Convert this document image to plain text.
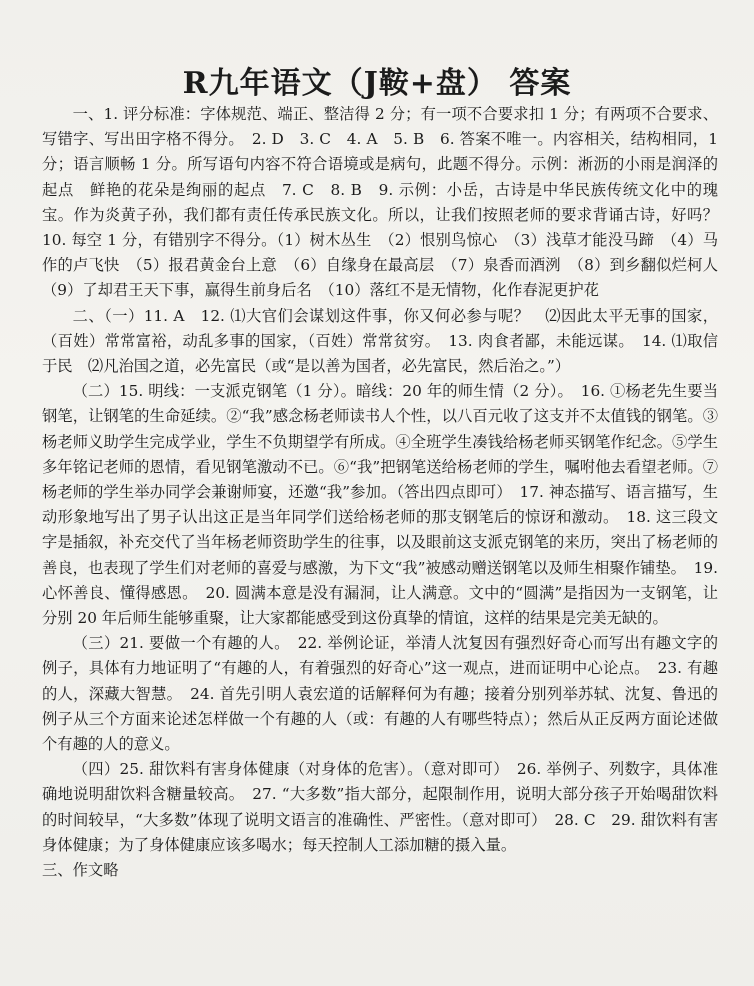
R九年语文（J鞍+盘） 答案

一、1. 评分标准：字体规范、端正、整洁得 2 分；有一项不合要求扣 1 分；有两项不合要求、写错字、写出田字格不得分。　2. D　3. C　4. A　5. B　6. 答案不唯一。内容相关，结构相同，1 分；语言顺畅 1 分。所写语句内容不符合语境或是病句，此题不得分。示例：淅沥的小雨是润泽的起点　鲜艳的花朵是绚丽的起点　7. C　8. B　9. 示例：小岳，古诗是中华民族传统文化中的瑰宝。作为炎黄子孙，我们都有责任传承民族文化。所以，让我们按照老师的要求背诵古诗，好吗？　10. 每空 1 分，有错别字不得分。（1）树木丛生　（2）恨别鸟惊心　（3）浅草才能没马蹄　（4）马作的卢飞快　（5）报君黄金台上意　（6）自缘身在最高层　（7）泉香而酒洌　（8）到乡翻似烂柯人　（9）了却君王天下事，赢得生前身后名　（10）落红不是无情物，化作春泥更护花

二、（一）11. A　12. ⑴大官们会谋划这件事，你又何必参与呢？　⑵因此太平无事的国家，（百姓）常常富裕，动乱多事的国家，（百姓）常常贫穷。　13. 肉食者鄙，未能远谋。　14. ⑴取信于民　⑵凡治国之道，必先富民（或“是以善为国者，必先富民，然后治之。”）

（二）15. 明线：一支派克钢笔（1 分）。暗线：20 年的师生情（2 分）。　16. ①杨老先生要当钢笔，让钢笔的生命延续。②“我”感念杨老师读书人个性，以八百元收了这支并不太值钱的钢笔。③杨老师义助学生完成学业，学生不负期望学有所成。④全班学生凑钱给杨老师买钢笔作纪念。⑤学生多年铭记老师的恩情，看见钢笔激动不已。⑥“我”把钢笔送给杨老师的学生，嘱咐他去看望老师。⑦杨老师的学生举办同学会兼谢师宴，还邀“我”参加。（答出四点即可）　17. 神态描写、语言描写，生动形象地写出了男子认出这正是当年同学们送给杨老师的那支钢笔后的惊讶和激动。　18. 这三段文字是插叙，补充交代了当年杨老师资助学生的往事，以及眼前这支派克钢笔的来历，突出了杨老师的善良，也表现了学生们对老师的喜爱与感激，为下文“我”被感动赠送钢笔以及师生相聚作铺垫。　19. 心怀善良、懂得感恩。　20. 圆满本意是没有漏洞，让人满意。文中的“圆满”是指因为一支钢笔，让分别 20 年后师生能够重聚，让大家都能感受到这份真挚的情谊，这样的结果是完美无缺的。

（三）21. 要做一个有趣的人。　22. 举例论证，举清人沈复因有强烈好奇心而写出有趣文字的例子，具体有力地证明了“有趣的人，有着强烈的好奇心”这一观点，进而证明中心论点。　23. 有趣的人，深藏大智慧。　24. 首先引明人袁宏道的话解释何为有趣；接着分别列举苏轼、沈复、鲁迅的例子从三个方面来论述怎样做一个有趣的人（或：有趣的人有哪些特点）；然后从正反两方面论述做个有趣的人的意义。

（四）25. 甜饮料有害身体健康（对身体的危害）。（意对即可）　26. 举例子、列数字，具体准确地说明甜饮料含糖量较高。　27. “大多数”指大部分，起限制作用，说明大部分孩子开始喝甜饮料的时间较早，“大多数”体现了说明文语言的准确性、严密性。（意对即可）　28. C　29. 甜饮料有害身体健康；为了身体健康应该多喝水；每天控制人工添加糖的摄入量。

三、作文略
